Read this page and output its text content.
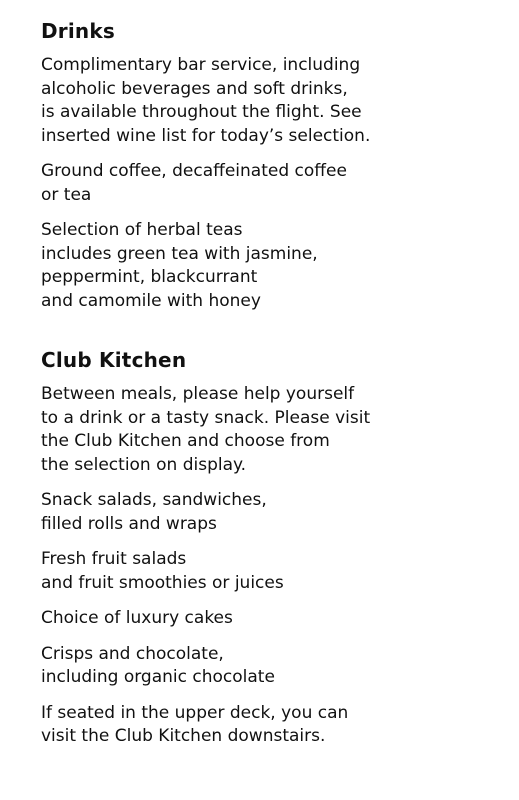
Drinks

Complimentary bar service, including
alcoholic beverages and soft drinks,
is available throughout the flight. See
inserted wine list for today’s selection.

Ground coffee, decaffeinated coffee
or tea

Selection of herbal teas
includes green tea with jasmine,
peppermint, blackcurrant
and camomile with honey

Club Kitchen

Between meals, please help yourself
to a drink or a tasty snack. Please visit
the Club Kitchen and choose from
the selection on display.

Snack salads, sandwiches,
filled rolls and wraps

Fresh fruit salads
and fruit smoothies or juices

Choice of luxury cakes

Crisps and chocolate,
including organic chocolate

If seated in the upper deck, you can
visit the Club Kitchen downstairs.
